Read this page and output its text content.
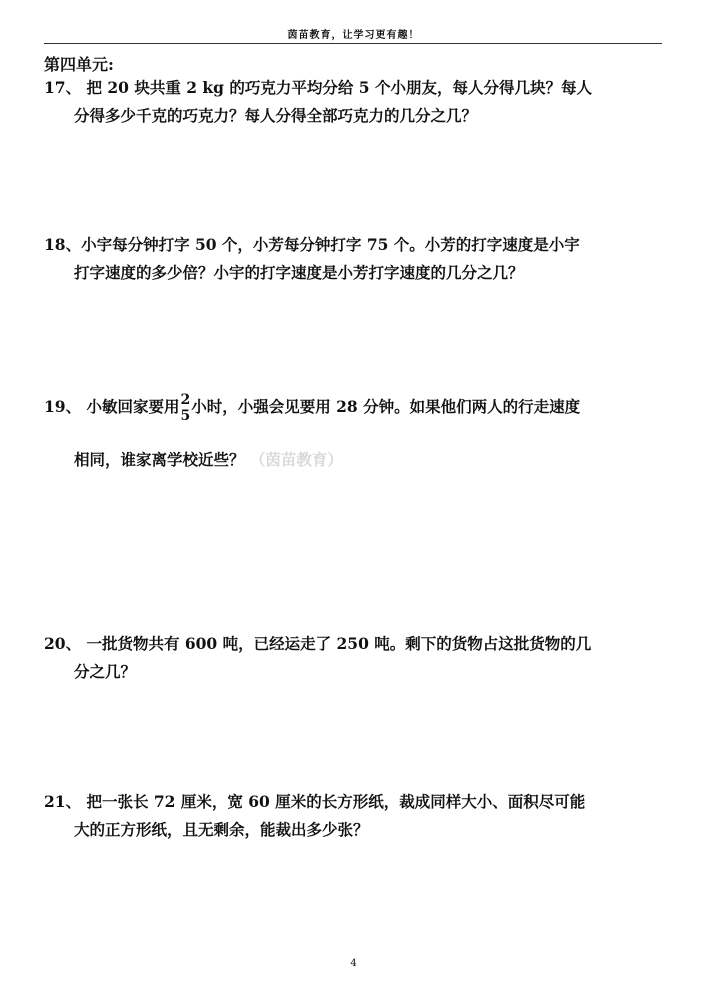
茵苗教育，让学习更有趣！
第四单元:
17、 把 20 块共重 2 kg 的巧克力平均分给 5 个小朋友，每人分得几块？每人
分得多少千克的巧克力？每人分得全部巧克力的几分之几？
18、小宇每分钟打字 50 个，小芳每分钟打字 75 个。小芳的打字速度是小宇
打字速度的多少倍？小宇的打字速度是小芳打字速度的几分之几？
19、 小敏回家要用 2
5 小时，小强会见要用 28 分钟。如果他们两人的行走速度
相同，谁家离学校近些？ （茵苗教育）
20、 一批货物共有 600 吨，已经运走了 250 吨。剩下的货物占这批货物的几
分之几？
21、 把一张长 72 厘米，宽 60 厘米的长方形纸，裁成同样大小、面积尽可能
大的正方形纸，且无剩余，能裁出多少张？
4
